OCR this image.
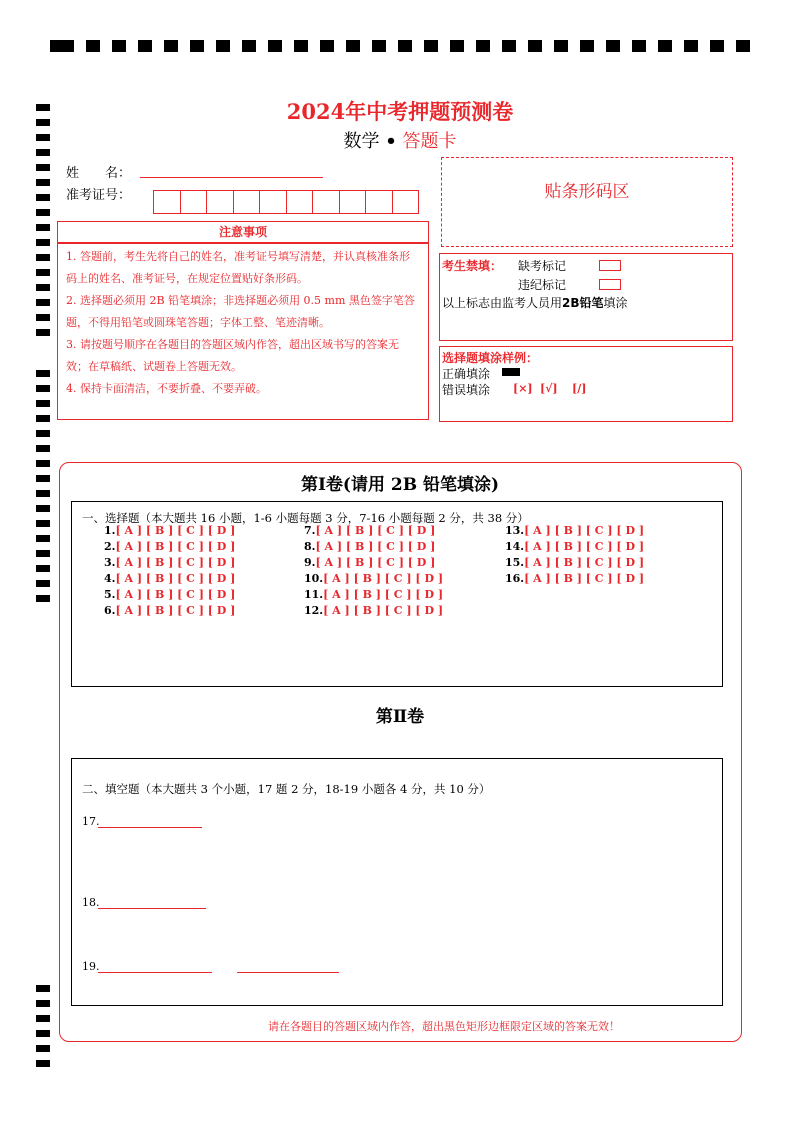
2024年中考押题预测卷
数学 • 答题卡
姓　　名：
准考证号：	贴条形码区
注意事项
1. 答题前，考生先将自己的姓名，准考证号填写清楚，并认真核准条形码上的姓名、准考证号，在规定位置贴好条形码。
2. 选择题必须用 2B 铅笔填涂；非选择题必须用 0.5 mm 黑色签字笔答题，不得用铅笔或圆珠笔答题；字体工整、笔迹清晰。
3. 请按题号顺序在各题目的答题区域内作答，超出区域书写的答案无效；在草稿纸、试题卷上答题无效。
4. 保持卡面清洁，不要折叠、不要弄破。
考生禁填： 缺考标记
违纪标记
以上标志由监考人员用2B铅笔填涂
选择题填涂样例：
正确填涂
错误填涂 [×] [√] [/]
第Ⅰ卷(请用 2B 铅笔填涂)
一、选择题（本大题共 16 小题，1-6 小题每题 3 分，7-16 小题每题 2 分，共 38 分）
1.[ A ] [ B ] [ C ] [ D ]
2.[ A ] [ B ] [ C ] [ D ]
3.[ A ] [ B ] [ C ] [ D ]
4.[ A ] [ B ] [ C ] [ D ]
5.[ A ] [ B ] [ C ] [ D ]
6.[ A ] [ B ] [ C ] [ D ]
7.[ A ] [ B ] [ C ] [ D ]
8.[ A ] [ B ] [ C ] [ D ]
9.[ A ] [ B ] [ C ] [ D ]
10.[ A ] [ B ] [ C ] [ D ]
11.[ A ] [ B ] [ C ] [ D ]
12.[ A ] [ B ] [ C ] [ D ]
13.[ A ] [ B ] [ C ] [ D ]
14.[ A ] [ B ] [ C ] [ D ]
15.[ A ] [ B ] [ C ] [ D ]
16.[ A ] [ B ] [ C ] [ D ]
第Ⅱ卷
二、填空题（本大题共 3 个小题，17 题 2 分，18-19 小题各 4 分，共 10 分）
17.
18.
19.
请在各题目的答题区域内作答，超出黑色矩形边框限定区域的答案无效！
